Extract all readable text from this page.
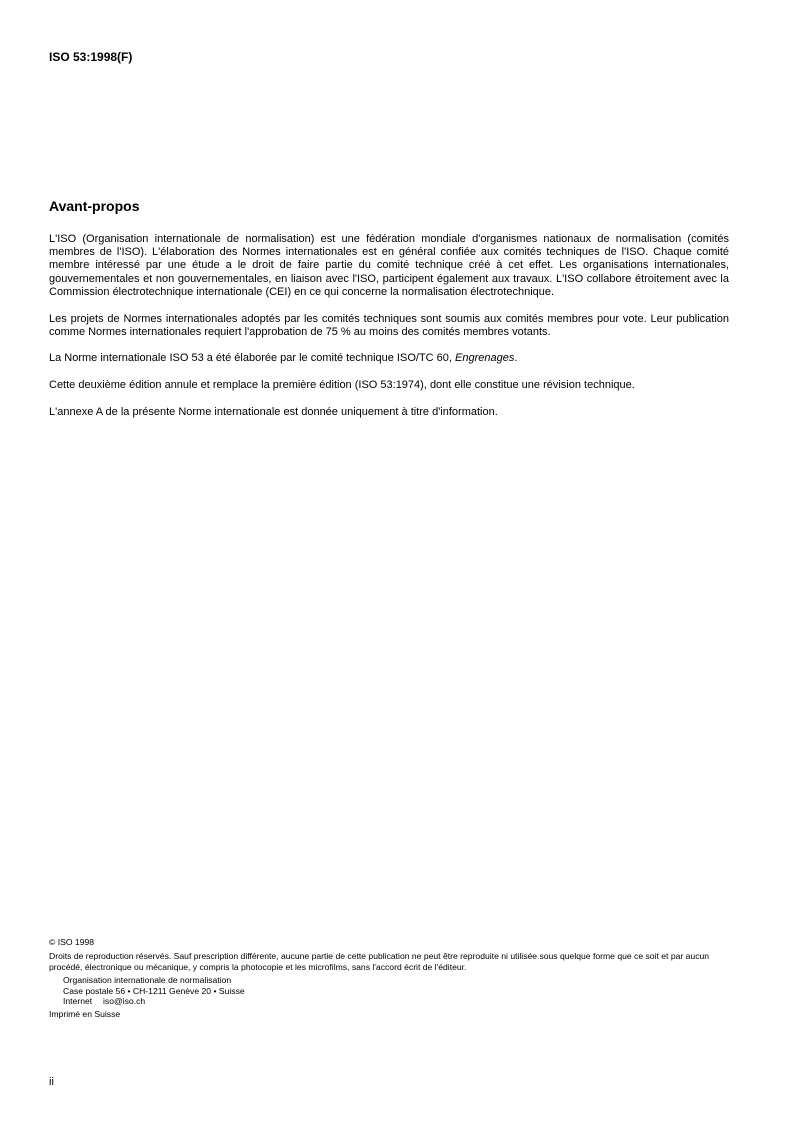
ISO 53:1998(F)
Avant-propos

L'ISO (Organisation internationale de normalisation) est une fédération mondiale d'organismes nationaux de normalisation (comités membres de l'ISO). L'élaboration des Normes internationales est en général confiée aux comités techniques de l'ISO. Chaque comité membre intéressé par une étude a le droit de faire partie du comité technique créé à cet effet. Les organisations internationales, gouvernementales et non gouvernementales, en liaison avec l'ISO, participent également aux travaux. L'ISO collabore étroitement avec la Commission électrotechnique internationale (CEI) en ce qui concerne la normalisation électrotechnique.

Les projets de Normes internationales adoptés par les comités techniques sont soumis aux comités membres pour vote. Leur publication comme Normes internationales requiert l'approbation de 75 % au moins des comités membres votants.

La Norme internationale ISO 53 a été élaborée par le comité technique ISO/TC 60, Engrenages.

Cette deuxième édition annule et remplace la première édition (ISO 53:1974), dont elle constitue une révision technique.

L'annexe A de la présente Norme internationale est donnée uniquement à titre d'information.

© ISO 1998
Droits de reproduction réservés. Sauf prescription différente, aucune partie de cette publication ne peut être reproduite ni utilisée sous quelque forme que ce soit et par aucun procédé, électronique ou mécanique, y compris la photocopie et les microfilms, sans l'accord écrit de l'éditeur.
Organisation internationale de normalisation
Case postale 56 • CH-1211 Genève 20 • Suisse
Internet iso@iso.ch
Imprimé en Suisse
ii
